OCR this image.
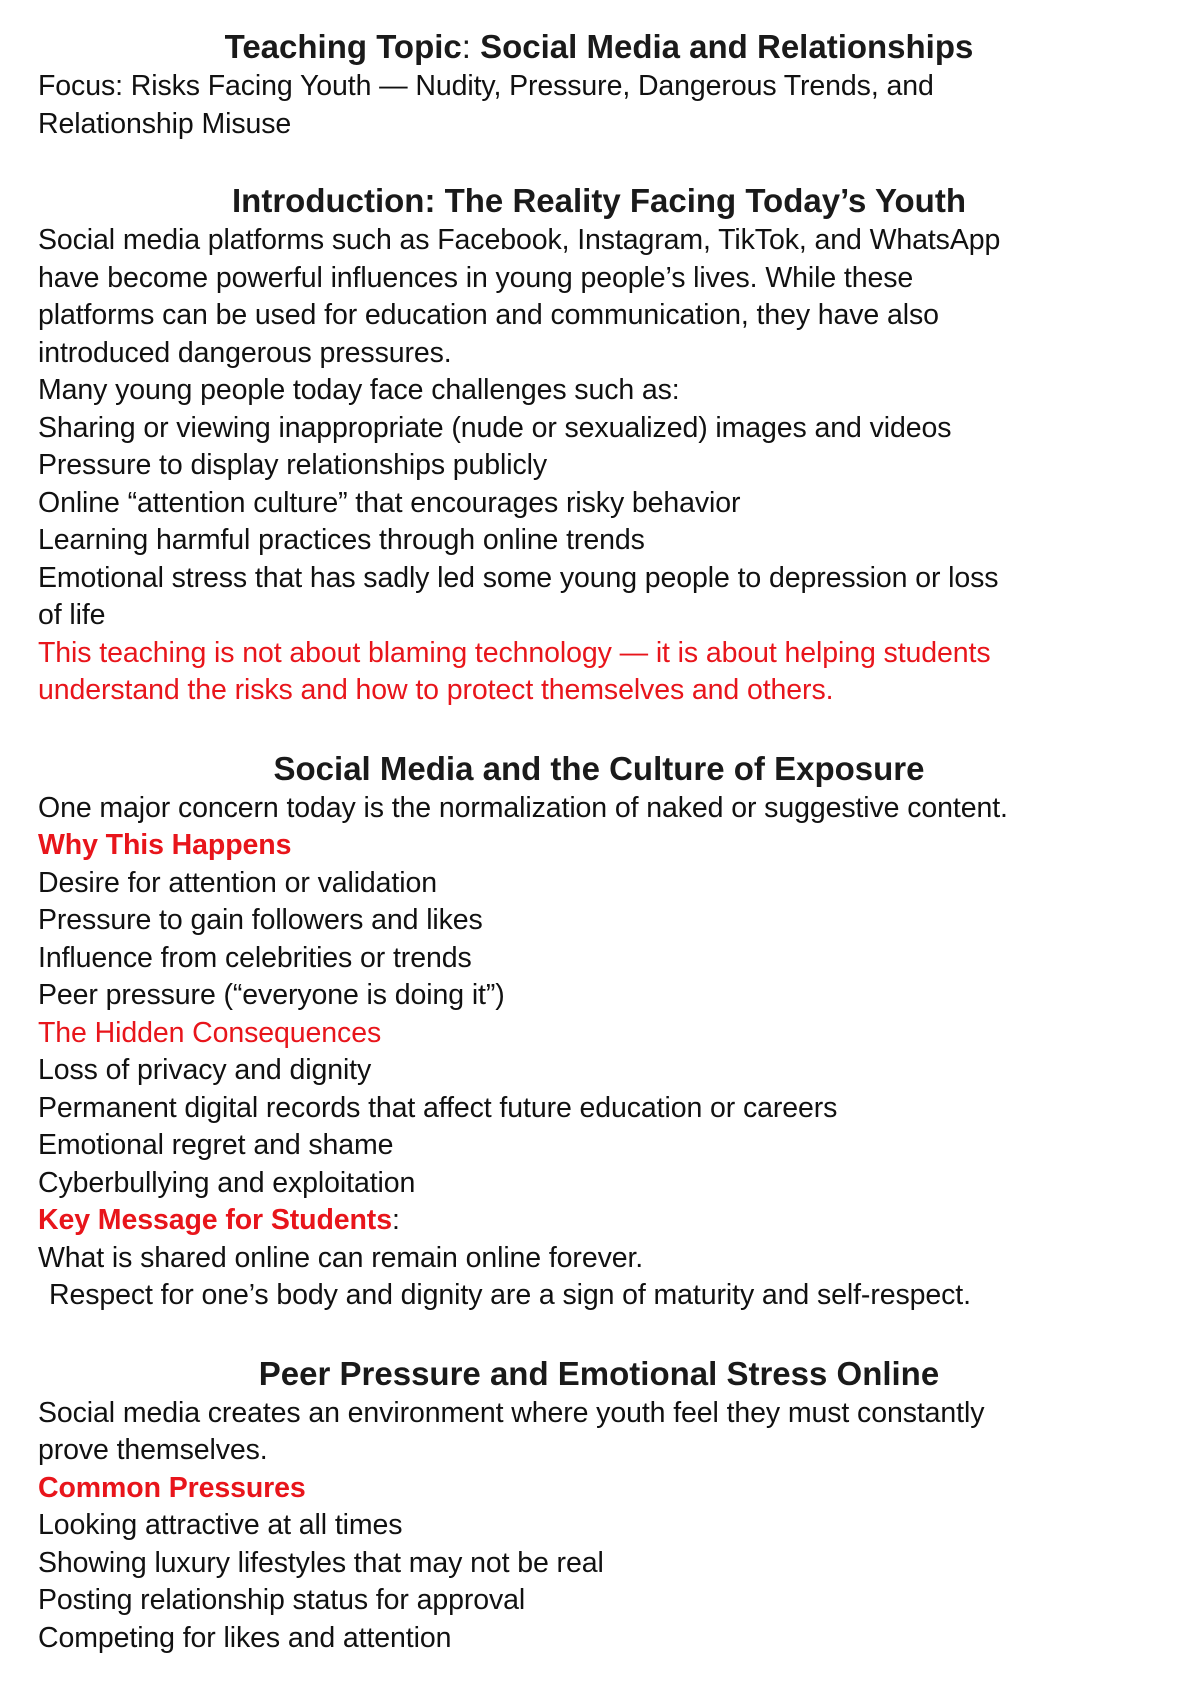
Teaching Topic: Social Media and Relationships
Focus: Risks Facing Youth — Nudity, Pressure, Dangerous Trends, and
Relationship Misuse
Introduction: The Reality Facing Today’s Youth
Social media platforms such as Facebook, Instagram, TikTok, and WhatsApp
have become powerful influences in young people’s lives. While these
platforms can be used for education and communication, they have also
introduced dangerous pressures.
Many young people today face challenges such as:
Sharing or viewing inappropriate (nude or sexualized) images and videos
Pressure to display relationships publicly
Online “attention culture” that encourages risky behavior
Learning harmful practices through online trends
Emotional stress that has sadly led some young people to depression or loss
of life
This teaching is not about blaming technology — it is about helping students
understand the risks and how to protect themselves and others.
Social Media and the Culture of Exposure
One major concern today is the normalization of naked or suggestive content.
Why This Happens
Desire for attention or validation
Pressure to gain followers and likes
Influence from celebrities or trends
Peer pressure (“everyone is doing it”)
The Hidden Consequences
Loss of privacy and dignity
Permanent digital records that affect future education or careers
Emotional regret and shame
Cyberbullying and exploitation
Key Message for Students:
What is shared online can remain online forever.
Respect for one’s body and dignity are a sign of maturity and self-respect.
Peer Pressure and Emotional Stress Online
Social media creates an environment where youth feel they must constantly
prove themselves.
Common Pressures
Looking attractive at all times
Showing luxury lifestyles that may not be real
Posting relationship status for approval
Competing for likes and attention
